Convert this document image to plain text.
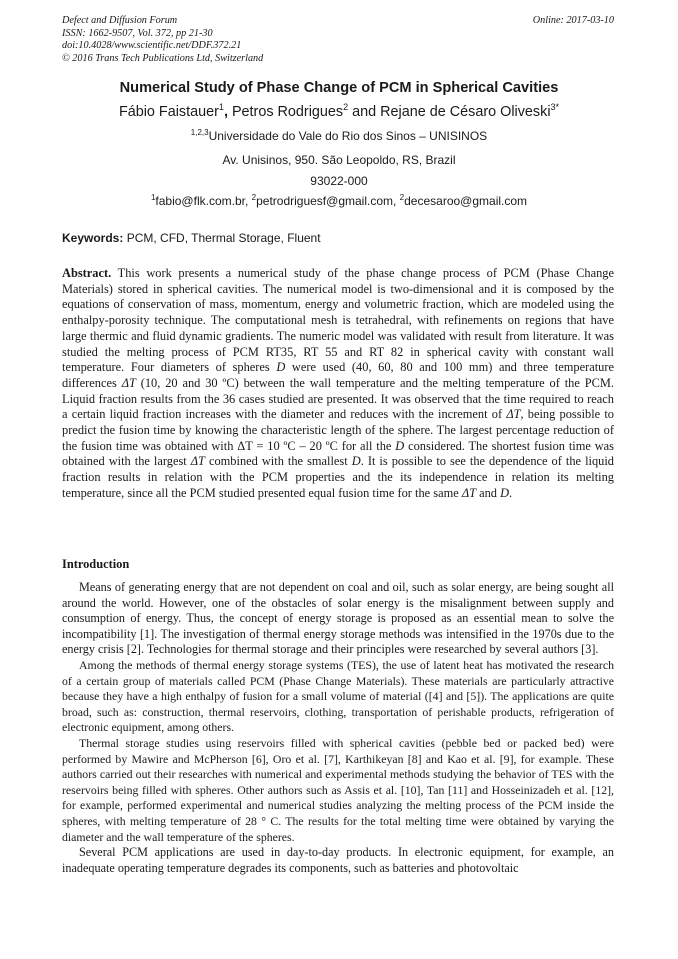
Defect and Diffusion Forum
ISSN: 1662-9507, Vol. 372, pp 21-30
doi:10.4028/www.scientific.net/DDF.372.21
© 2016 Trans Tech Publications Ltd, Switzerland
Online: 2017-03-10
Numerical Study of Phase Change of PCM in Spherical Cavities
Fábio Faistauer$^1$, Petros Rodrigues$^2$ and Rejane de Césaro Oliveski$^{3*}$
$^{1,2,3}$Universidade do Vale do Rio dos Sinos – UNISINOS
Av. Unisinos, 950. São Leopoldo, RS, Brazil
93022-000
$^1$fabio@flk.com.br, $^2$petrodriguesf@gmail.com, $^2$decesaroo@gmail.com
Keywords: PCM, CFD, Thermal Storage, Fluent
Abstract. This work presents a numerical study of the phase change process of PCM (Phase Change Materials) stored in spherical cavities. The numerical model is two-dimensional and it is composed by the equations of conservation of mass, momentum, energy and volumetric fraction, which are modeled using the enthalpy-porosity technique. The computational mesh is tetrahedral, with refinements on regions that have large thermic and fluid dynamic gradients. The numeric model was validated with result from literature. It was studied the melting process of PCM RT35, RT 55 and RT 82 in spherical cavity with constant wall temperature. Four diameters of spheres D were used (40, 60, 80 and 100 mm) and three temperature differences ΔT (10, 20 and 30 ºC) between the wall temperature and the melting temperature of the PCM. Liquid fraction results from the 36 cases studied are presented. It was observed that the time required to reach a certain liquid fraction increases with the diameter and reduces with the increment of ΔT, being possible to predict the fusion time by knowing the characteristic length of the sphere. The largest percentage reduction of the fusion time was obtained with ΔT = 10 ºC – 20 ºC for all the D considered. The shortest fusion time was obtained with the largest ΔT combined with the smallest D. It is possible to see the dependence of the liquid fraction results in relation with the PCM properties and the its independence in relation its melting temperature, since all the PCM studied presented equal fusion time for the same ΔT and D.
Introduction

Means of generating energy that are not dependent on coal and oil, such as solar energy, are being sought all around the world. However, one of the obstacles of solar energy is the misalignment between supply and consumption of energy. Thus, the concept of energy storage is proposed as an essential mean to solve the incompatibility [1]. The investigation of thermal energy storage methods was intensified in the 1970s due to the energy crisis [2]. Technologies for thermal storage and their principles were researched by several authors [3].

Among the methods of thermal energy storage systems (TES), the use of latent heat has motivated the research of a certain group of materials called PCM (Phase Change Materials). These materials are particularly attractive because they have a high enthalpy of fusion for a small volume of material ([4] and [5]). The applications are quite broad, such as: construction, thermal reservoirs, clothing, transportation of perishable products, refrigeration of electronic equipment, among others.

Thermal storage studies using reservoirs filled with spherical cavities (pebble bed or packed bed) were performed by Mawire and McPherson [6], Oro et al. [7], Karthikeyan [8] and Kao et al. [9], for example. These authors carried out their researches with numerical and experimental methods studying the behavior of TES with the reservoirs being filled with spheres. Other authors such as Assis et al. [10], Tan [11] and Hosseinizadeh et al. [12], for example, performed experimental and numerical studies analyzing the melting process of the PCM inside the spheres, with melting temperature of 28 ° C. The results for the total melting time were obtained by varying the diameter and the wall temperature of the spheres.

Several PCM applications are used in day-to-day products. In electronic equipment, for example, an inadequate operating temperature degrades its components, such as batteries and photovoltaic
